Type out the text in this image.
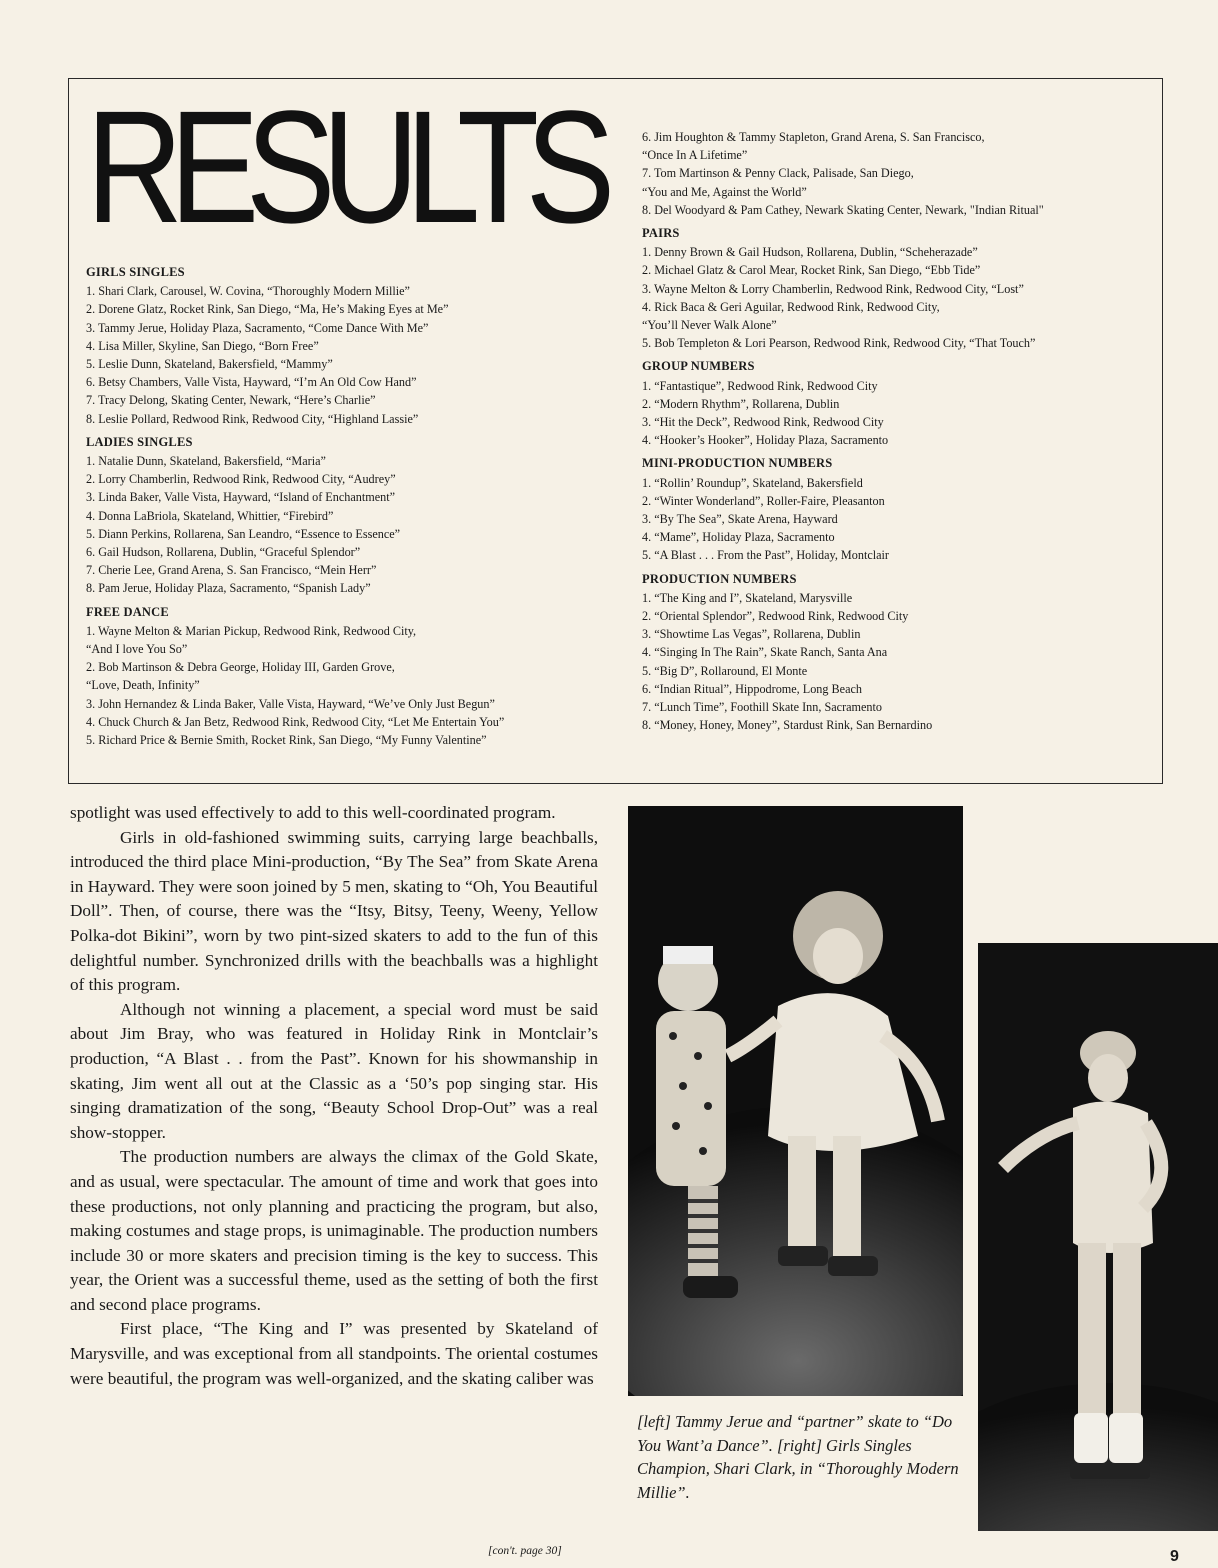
RESULTS
GIRLS SINGLES
1. Shari Clark, Carousel, W. Covina, “Thoroughly Modern Millie”
2. Dorene Glatz, Rocket Rink, San Diego, “Ma, He’s Making Eyes at Me”
3. Tammy Jerue, Holiday Plaza, Sacramento, “Come Dance With Me”
4. Lisa Miller, Skyline, San Diego, “Born Free”
5. Leslie Dunn, Skateland, Bakersfield, “Mammy”
6. Betsy Chambers, Valle Vista, Hayward, “I’m An Old Cow Hand”
7. Tracy Delong, Skating Center, Newark, “Here’s Charlie”
8. Leslie Pollard, Redwood Rink, Redwood City, “Highland Lassie”
LADIES SINGLES
1. Natalie Dunn, Skateland, Bakersfield, “Maria”
2. Lorry Chamberlin, Redwood Rink, Redwood City, “Audrey”
3. Linda Baker, Valle Vista, Hayward, “Island of Enchantment”
4. Donna LaBriola, Skateland, Whittier, “Firebird”
5. Diann Perkins, Rollarena, San Leandro, “Essence to Essence”
6. Gail Hudson, Rollarena, Dublin, “Graceful Splendor”
7. Cherie Lee, Grand Arena, S. San Francisco, “Mein Herr”
8. Pam Jerue, Holiday Plaza, Sacramento, “Spanish Lady”
FREE DANCE
1. Wayne Melton & Marian Pickup, Redwood Rink, Redwood City,
“And I love You So”
2. Bob Martinson & Debra George, Holiday III, Garden Grove,
“Love, Death, Infinity”
3. John Hernandez & Linda Baker, Valle Vista, Hayward, “We’ve Only Just Begun”
4. Chuck Church & Jan Betz, Redwood Rink, Redwood City, “Let Me Entertain You”
5. Richard Price & Bernie Smith, Rocket Rink, San Diego, “My Funny Valentine”
6. Jim Houghton & Tammy Stapleton, Grand Arena, S. San Francisco,
“Once In A Lifetime”
7. Tom Martinson & Penny Clack, Palisade, San Diego,
“You and Me, Against the World”
8. Del Woodyard & Pam Cathey, Newark Skating Center, Newark, "Indian Ritual"
PAIRS
1. Denny Brown & Gail Hudson, Rollarena, Dublin, “Scheherazade”
2. Michael Glatz & Carol Mear, Rocket Rink, San Diego, “Ebb Tide”
3. Wayne Melton & Lorry Chamberlin, Redwood Rink, Redwood City, “Lost”
4. Rick Baca & Geri Aguilar, Redwood Rink, Redwood City,
“You’ll Never Walk Alone”
5. Bob Templeton & Lori Pearson, Redwood Rink, Redwood City, “That Touch”
GROUP NUMBERS
1. “Fantastique”, Redwood Rink, Redwood City
2. “Modern Rhythm”, Rollarena, Dublin
3. “Hit the Deck”, Redwood Rink, Redwood City
4. “Hooker’s Hooker”, Holiday Plaza, Sacramento
MINI-PRODUCTION NUMBERS
1. “Rollin’ Roundup”, Skateland, Bakersfield
2. “Winter Wonderland”, Roller-Faire, Pleasanton
3. “By The Sea”, Skate Arena, Hayward
4. “Mame”, Holiday Plaza, Sacramento
5. “A Blast . . . From the Past”, Holiday, Montclair
PRODUCTION NUMBERS
1. “The King and I”, Skateland, Marysville
2. “Oriental Splendor”, Redwood Rink, Redwood City
3. “Showtime Las Vegas”, Rollarena, Dublin
4. “Singing In The Rain”, Skate Ranch, Santa Ana
5. “Big D”, Rollaround, El Monte
6. “Indian Ritual”, Hippodrome, Long Beach
7. “Lunch Time”, Foothill Skate Inn, Sacramento
8. “Money, Honey, Money”, Stardust Rink, San Bernardino

spotlight was used effectively to add to this well-coordinated program.

Girls in old-fashioned swimming suits, carrying large beachballs, introduced the third place Mini-production, “By The Sea” from Skate Arena in Hayward. They were soon joined by 5 men, skating to “Oh, You Beautiful Doll”. Then, of course, there was the “Itsy, Bitsy, Teeny, Weeny, Yellow Polka-dot Bikini”, worn by two pint-sized skaters to add to the fun of this delightful number. Synchronized drills with the beachballs was a highlight of this program.

Although not winning a placement, a special word must be said about Jim Bray, who was featured in Holiday Rink in Montclair’s production, “A Blast . . from the Past”. Known for his showmanship in skating, Jim went all out at the Classic as a ‘50’s pop singing star. His singing dramatization of the song, “Beauty School Drop-Out” was a real show-stopper.

The production numbers are always the climax of the Gold Skate, and as usual, were spectacular. The amount of time and work that goes into these productions, not only planning and practicing the program, but also, making costumes and stage props, is unimaginable. The production numbers include 30 or more skaters and precision timing is the key to success. This year, the Orient was a successful theme, used as the setting of both the first and second place programs.

First place, “The King and I” was presented by Skateland of Marysville, and was exceptional from all standpoints. The oriental costumes were beautiful, the program was well-organized, and the skating caliber was

[con't. page 30]
[left] Tammy Jerue and “partner” skate to “Do You Want’a Dance”. [right] Girls Singles Champion, Shari Clark, in “Thoroughly Modern Millie”.
9
